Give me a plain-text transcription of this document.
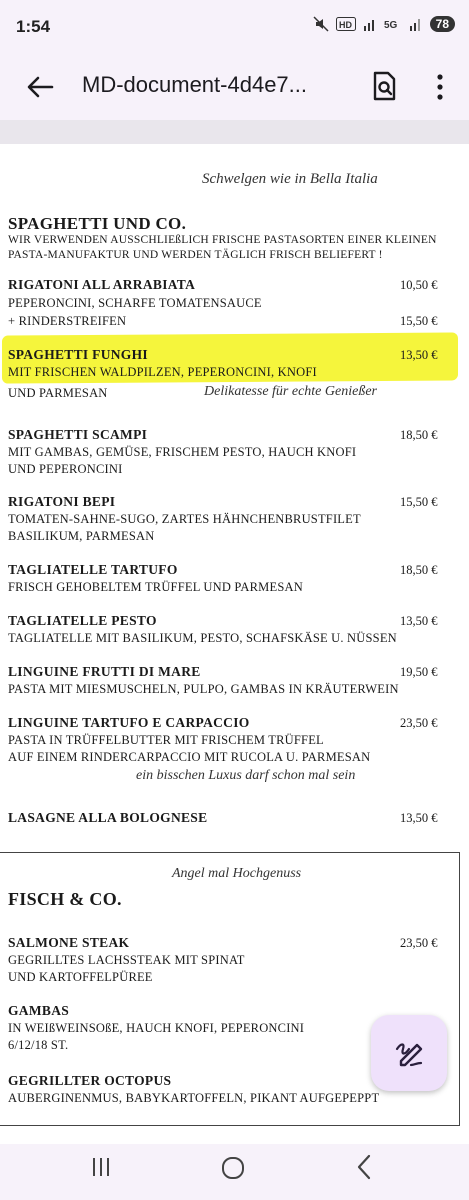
1:54	HD	5G	78
MD-document-4d4e7...
Schwelgen wie in Bella Italia
SPAGHETTI UND CO.
WIR VERWENDEN AUSSCHLIEßLICH FRISCHE PASTASORTEN EINER KLEINEN
PASTA-MANUFAKTUR UND WERDEN TÄGLICH FRISCH BELIEFERT !
RIGATONI ALL ARRABIATA	10,50 €
PEPERONCINI, SCHARFE TOMATENSAUCE
+ RINDERSTREIFEN	15,50 €
SPAGHETTI FUNGHI	13,50 €
MIT FRISCHEN WALDPILZEN, PEPERONCINI, KNOFI
UND PARMESAN	Delikatesse für echte Genießer
SPAGHETTI SCAMPI	18,50 €
MIT GAMBAS, GEMÜSE, FRISCHEM PESTO, HAUCH KNOFI
UND PEPERONCINI
RIGATONI BEPI	15,50 €
TOMATEN-SAHNE-SUGO, ZARTES HÄHNCHENBRUSTFILET
BASILIKUM, PARMESAN
TAGLIATELLE TARTUFO	18,50 €
FRISCH GEHOBELTEM TRÜFFEL UND PARMESAN
TAGLIATELLE PESTO	13,50 €
TAGLIATELLE MIT BASILIKUM, PESTO, SCHAFSKÄSE U. NÜSSEN
LINGUINE FRUTTI DI MARE	19,50 €
PASTA MIT MIESMUSCHELN, PULPO, GAMBAS IN KRÄUTERWEIN
LINGUINE TARTUFO E CARPACCIO	23,50 €
PASTA IN TRÜFFELBUTTER MIT FRISCHEM TRÜFFEL
AUF EINEM RINDERCARPACCIO MIT RUCOLA U. PARMESAN
ein bisschen Luxus darf schon mal sein
LASAGNE ALLA BOLOGNESE	13,50 €
Angel mal Hochgenuss
FISCH & CO.
SALMONE STEAK	23,50 €
GEGRILLTES LACHSSTEAK MIT SPINAT
UND KARTOFFELPÜREE
GAMBAS
IN WEIßWEINSOßE, HAUCH KNOFI, PEPERONCINI
6/12/18 ST.
GEGRILLTER OCTOPUS
AUBERGINENMUS, BABYKARTOFFELN, PIKANT AUFGEPEPPT
